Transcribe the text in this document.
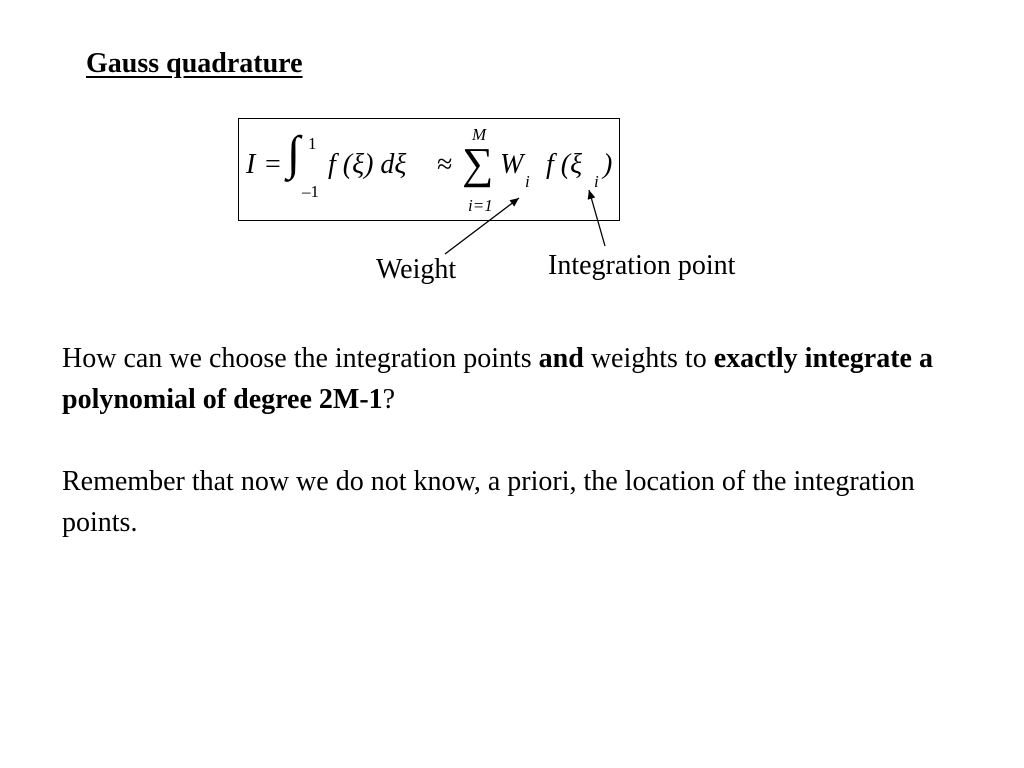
Gauss quadrature
I = ∫ 1
–1
f (ξ) dξ ≈
M
∑
i=1
W
i
f (ξ
i
)
Weight	Integration point
How can we choose the integration points and weights to exactly integrate a polynomial of degree 2M-1?
Remember that now we do not know, a priori, the location of the integration points.
